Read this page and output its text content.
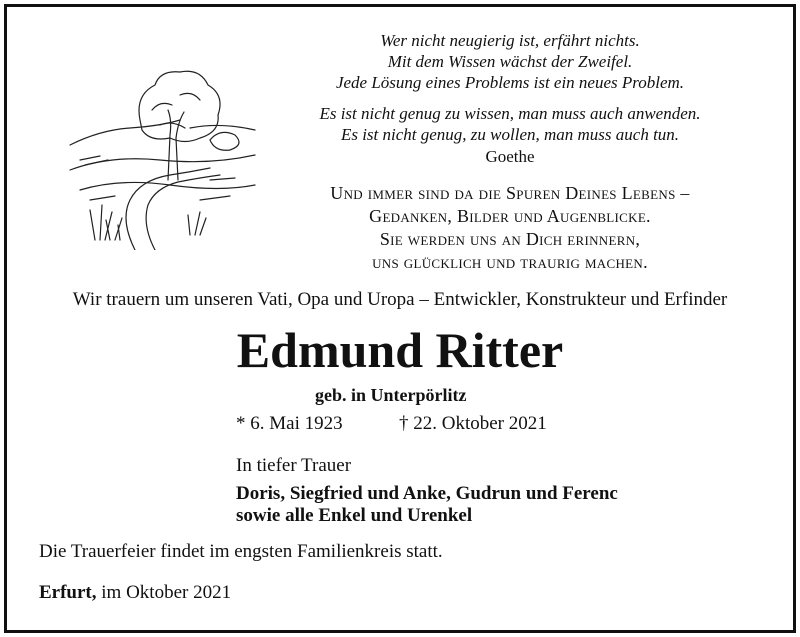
Wer nicht neugierig ist, erfährt nichts.
Mit dem Wissen wächst der Zweifel.
Jede Lösung eines Problems ist ein neues Problem.
Es ist nicht genug zu wissen, man muss auch anwenden.
Es ist nicht genug, zu wollen, man muss auch tun.
Goethe
Und immer sind da die Spuren Deines Lebens –
Gedanken, Bilder und Augenblicke.
Sie werden uns an Dich erinnern,
uns glücklich und traurig machen.
Wir trauern um unseren Vati, Opa und Uropa – Entwickler, Konstrukteur und Erfinder
Edmund Ritter
geb. in Unterpörlitz
* 6. Mai 1923	† 22. Oktober 2021
In tiefer Trauer
Doris, Siegfried und Anke, Gudrun und Ferenc
sowie alle Enkel und Urenkel
Die Trauerfeier findet im engsten Familienkreis statt.
Erfurt, im Oktober 2021
